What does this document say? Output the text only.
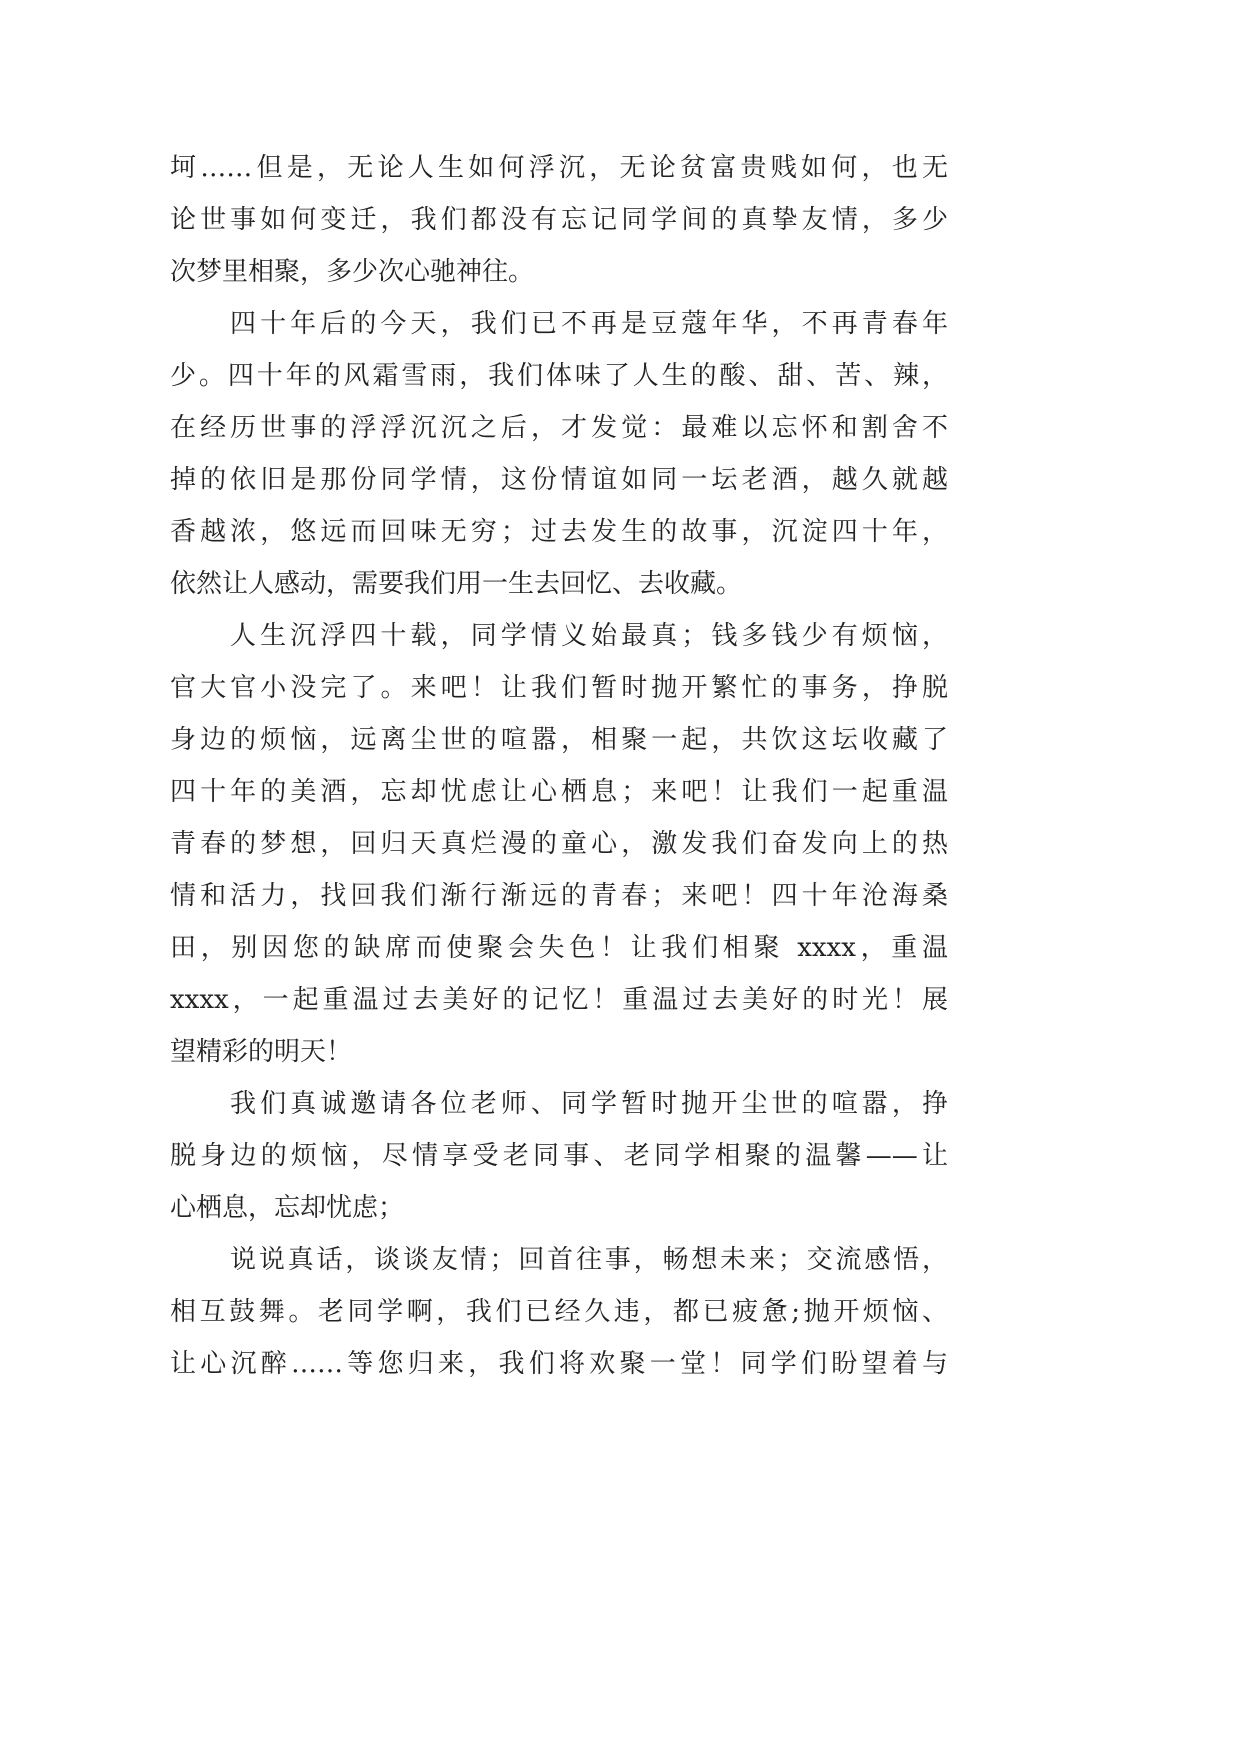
坷……但是，无论人生如何浮沉，无论贫富贵贱如何，也无
论世事如何变迁，我们都没有忘记同学间的真挚友情，多少
次梦里相聚，多少次心驰神往。
四十年后的今天，我们已不再是豆蔻年华，不再青春年
少。四十年的风霜雪雨，我们体味了人生的酸、甜、苦、辣，
在经历世事的浮浮沉沉之后，才发觉：最难以忘怀和割舍不
掉的依旧是那份同学情，这份情谊如同一坛老酒，越久就越
香越浓，悠远而回味无穷；过去发生的故事，沉淀四十年，
依然让人感动，需要我们用一生去回忆、去收藏。
人生沉浮四十载，同学情义始最真；钱多钱少有烦恼，
官大官小没完了。来吧！让我们暂时抛开繁忙的事务，挣脱
身边的烦恼，远离尘世的喧嚣，相聚一起，共饮这坛收藏了
四十年的美酒，忘却忧虑让心栖息；来吧！让我们一起重温
青春的梦想，回归天真烂漫的童心，激发我们奋发向上的热
情和活力，找回我们渐行渐远的青春；来吧！四十年沧海桑
田，别因您的缺席而使聚会失色！让我们相聚 xxxx，重温
xxxx，一起重温过去美好的记忆！重温过去美好的时光！展
望精彩的明天！
我们真诚邀请各位老师、同学暂时抛开尘世的喧嚣，挣
脱身边的烦恼，尽情享受老同事、老同学相聚的温馨——让
心栖息，忘却忧虑；
说说真话，谈谈友情；回首往事，畅想未来；交流感悟，
相互鼓舞。老同学啊，我们已经久违，都已疲惫;抛开烦恼、
让心沉醉……等您归来，我们将欢聚一堂！同学们盼望着与
